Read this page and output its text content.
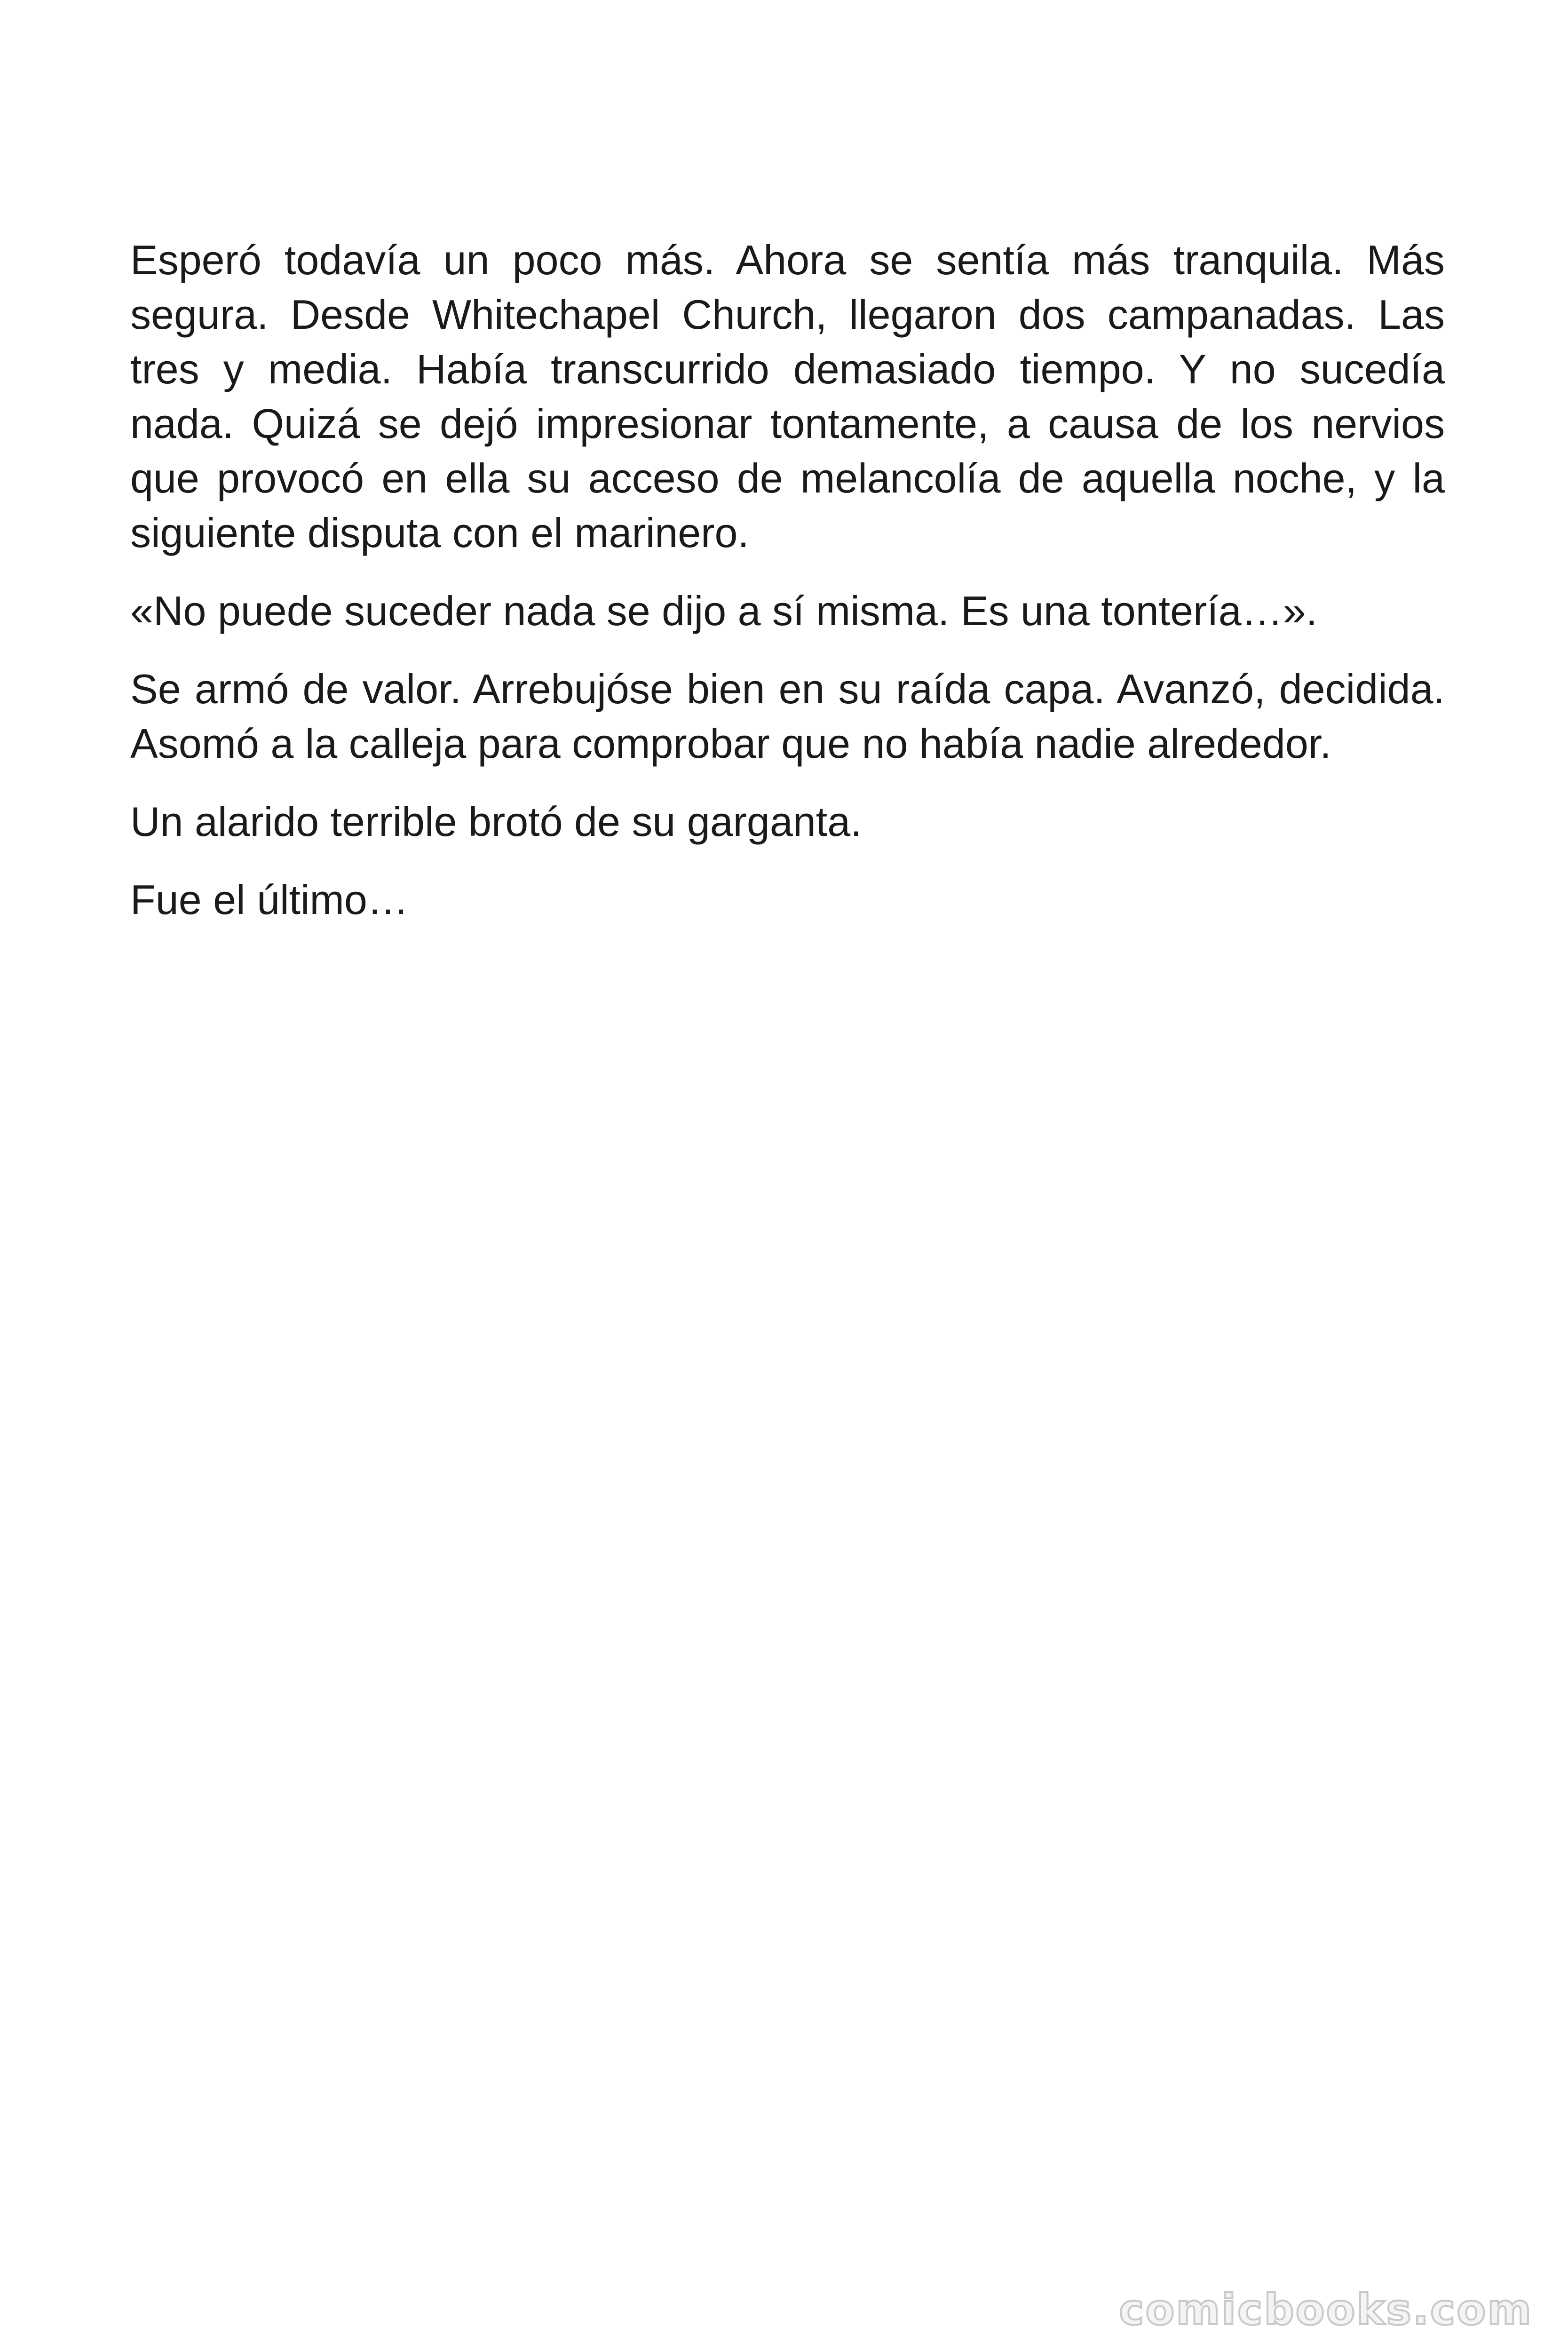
Esperó todavía un poco más. Ahora se sentía más tranquila. Más segura. Desde Whitechapel Church, llegaron dos campanadas. Las tres y media. Había transcurrido demasiado tiempo. Y no sucedía nada. Quizá se dejó impresionar tontamente, a causa de los nervios que provocó en ella su acceso de melancolía de aquella noche, y la siguiente disputa con el marinero.

«No puede suceder nada se dijo a sí misma. Es una tontería…».

Se armó de valor. Arrebujóse bien en su raída capa. Avanzó, decidida. Asomó a la calleja para comprobar que no había nadie alrededor.

Un alarido terrible brotó de su garganta.

Fue el último…

comicbooks.com
